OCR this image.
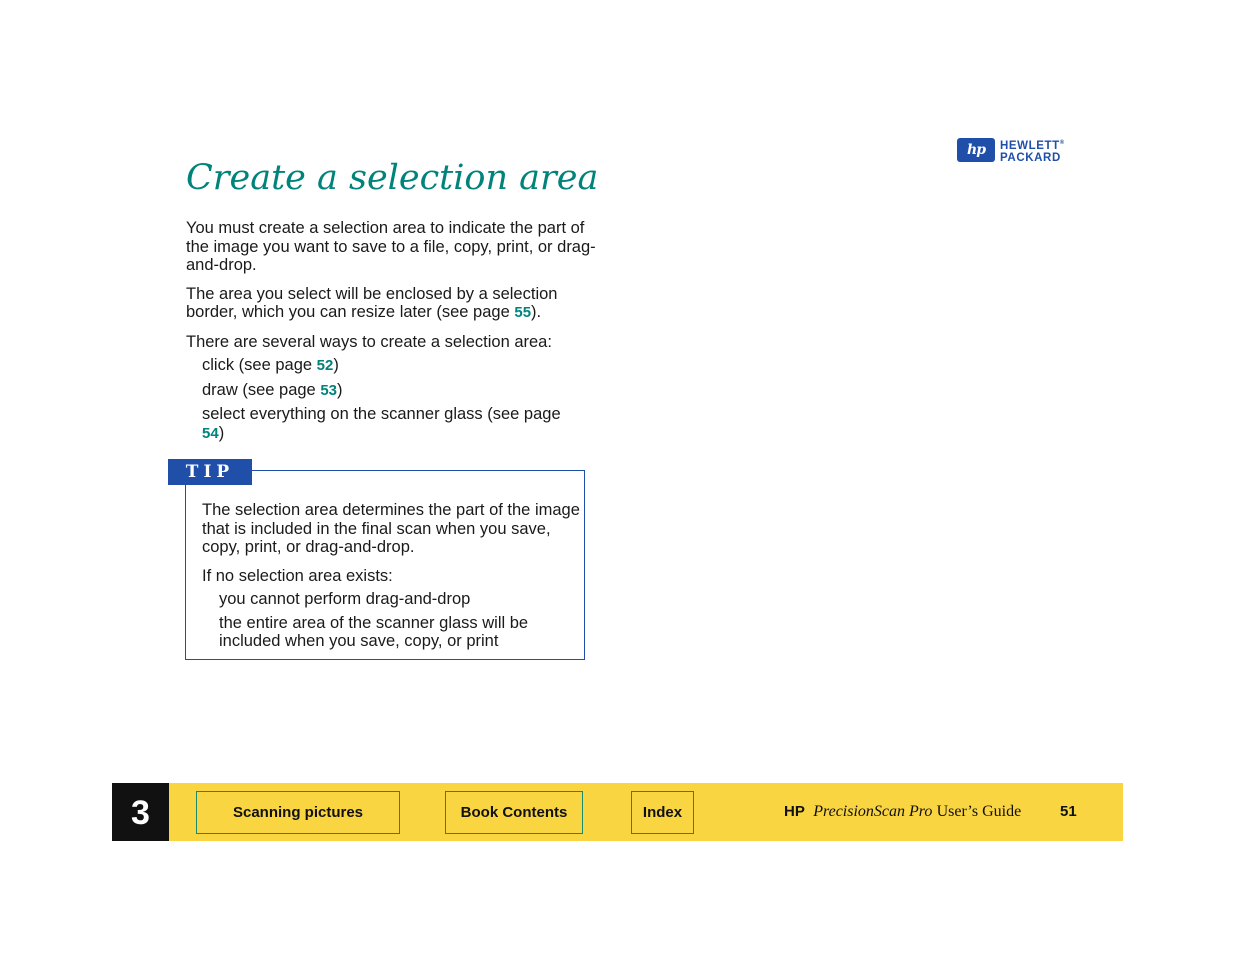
hp	HEWLETT®
PACKARD
Create a selection area

You must create a selection area to indicate the part of the image you want to save to a file, copy, print, or drag-and-drop.

The area you select will be enclosed by a selection border, which you can resize later (see page 55).

There are several ways to create a selection area:

click (see page 52)
draw (see page 53)
select everything on the scanner glass (see page 54)
TIP

The selection area determines the part of the image that is included in the final scan when you save, copy, print, or drag-and-drop.

If no selection area exists:

you cannot perform drag-and-drop
the entire area of the scanner glass will be included when you save, copy, or print
3	Scanning pictures	Book Contents	Index	HP PrecisionScan Pro User’s Guide	51
